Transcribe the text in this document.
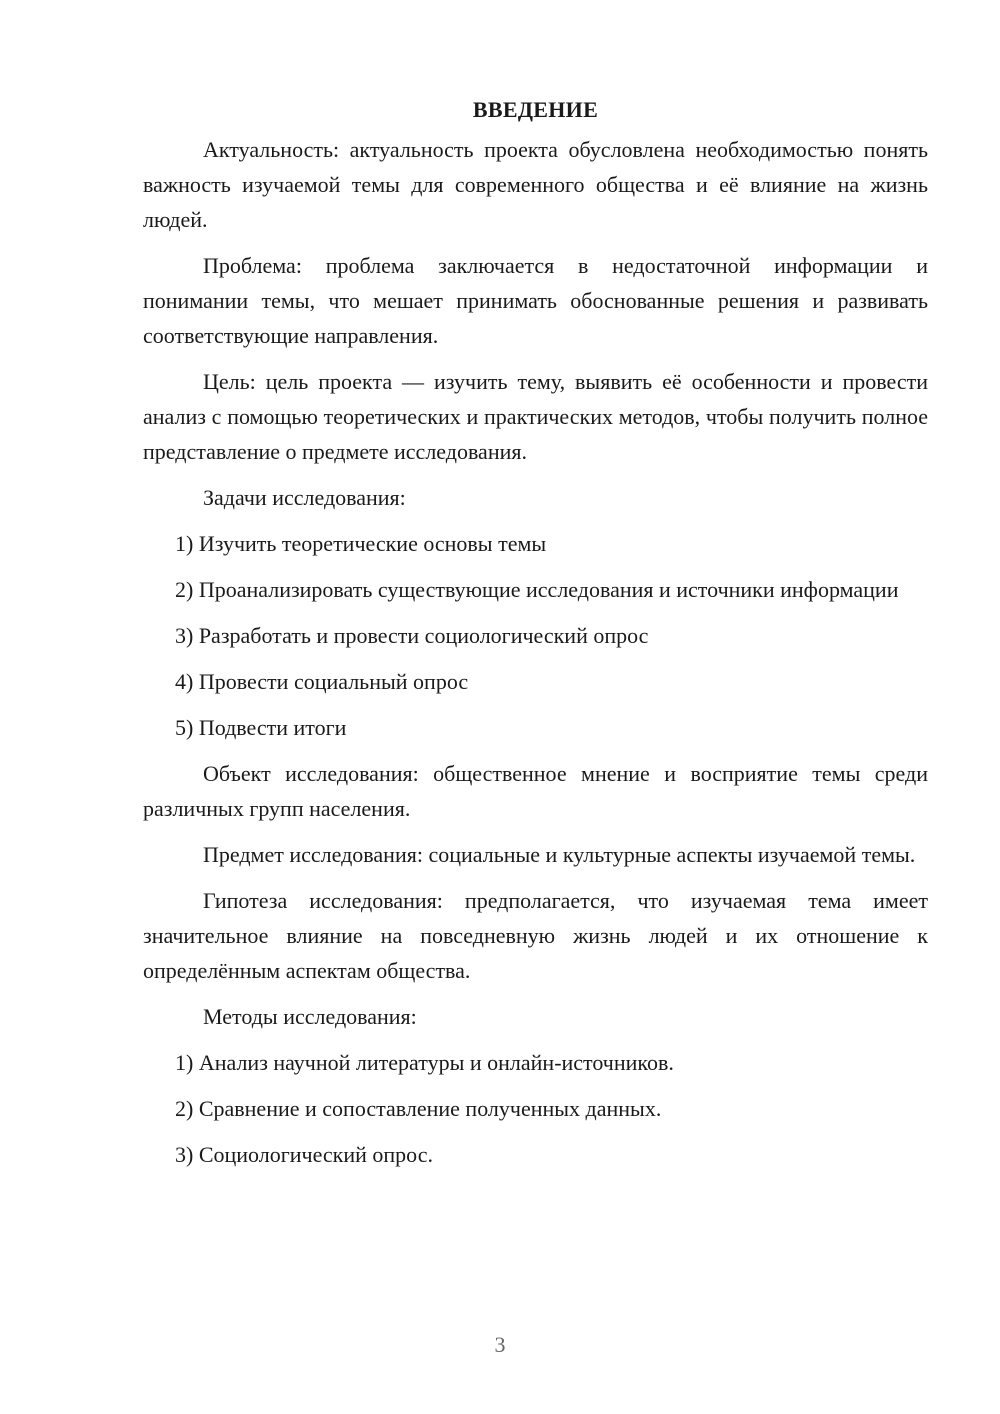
ВВЕДЕНИЕ

Актуальность: актуальность проекта обусловлена необходимостью понять важность изучаемой темы для современного общества и её влияние на жизнь людей.

Проблема: проблема заключается в недостаточной информации и понимании темы, что мешает принимать обоснованные решения и развивать соответствующие направления.

Цель: цель проекта — изучить тему, выявить её особенности и провести анализ с помощью теоретических и практических методов, чтобы получить полное представление о предмете исследования.

Задачи исследования:

1) Изучить теоретические основы темы

2) Проанализировать существующие исследования и источники информации

3) Разработать и провести социологический опрос

4) Провести социальный опрос

5) Подвести итоги

Объект исследования: общественное мнение и восприятие темы среди различных групп населения.

Предмет исследования: социальные и культурные аспекты изучаемой темы.

Гипотеза исследования: предполагается, что изучаемая тема имеет значительное влияние на повседневную жизнь людей и их отношение к определённым аспектам общества.

Методы исследования:

1) Анализ научной литературы и онлайн-источников.

2) Сравнение и сопоставление полученных данных.

3) Социологический опрос.

3
